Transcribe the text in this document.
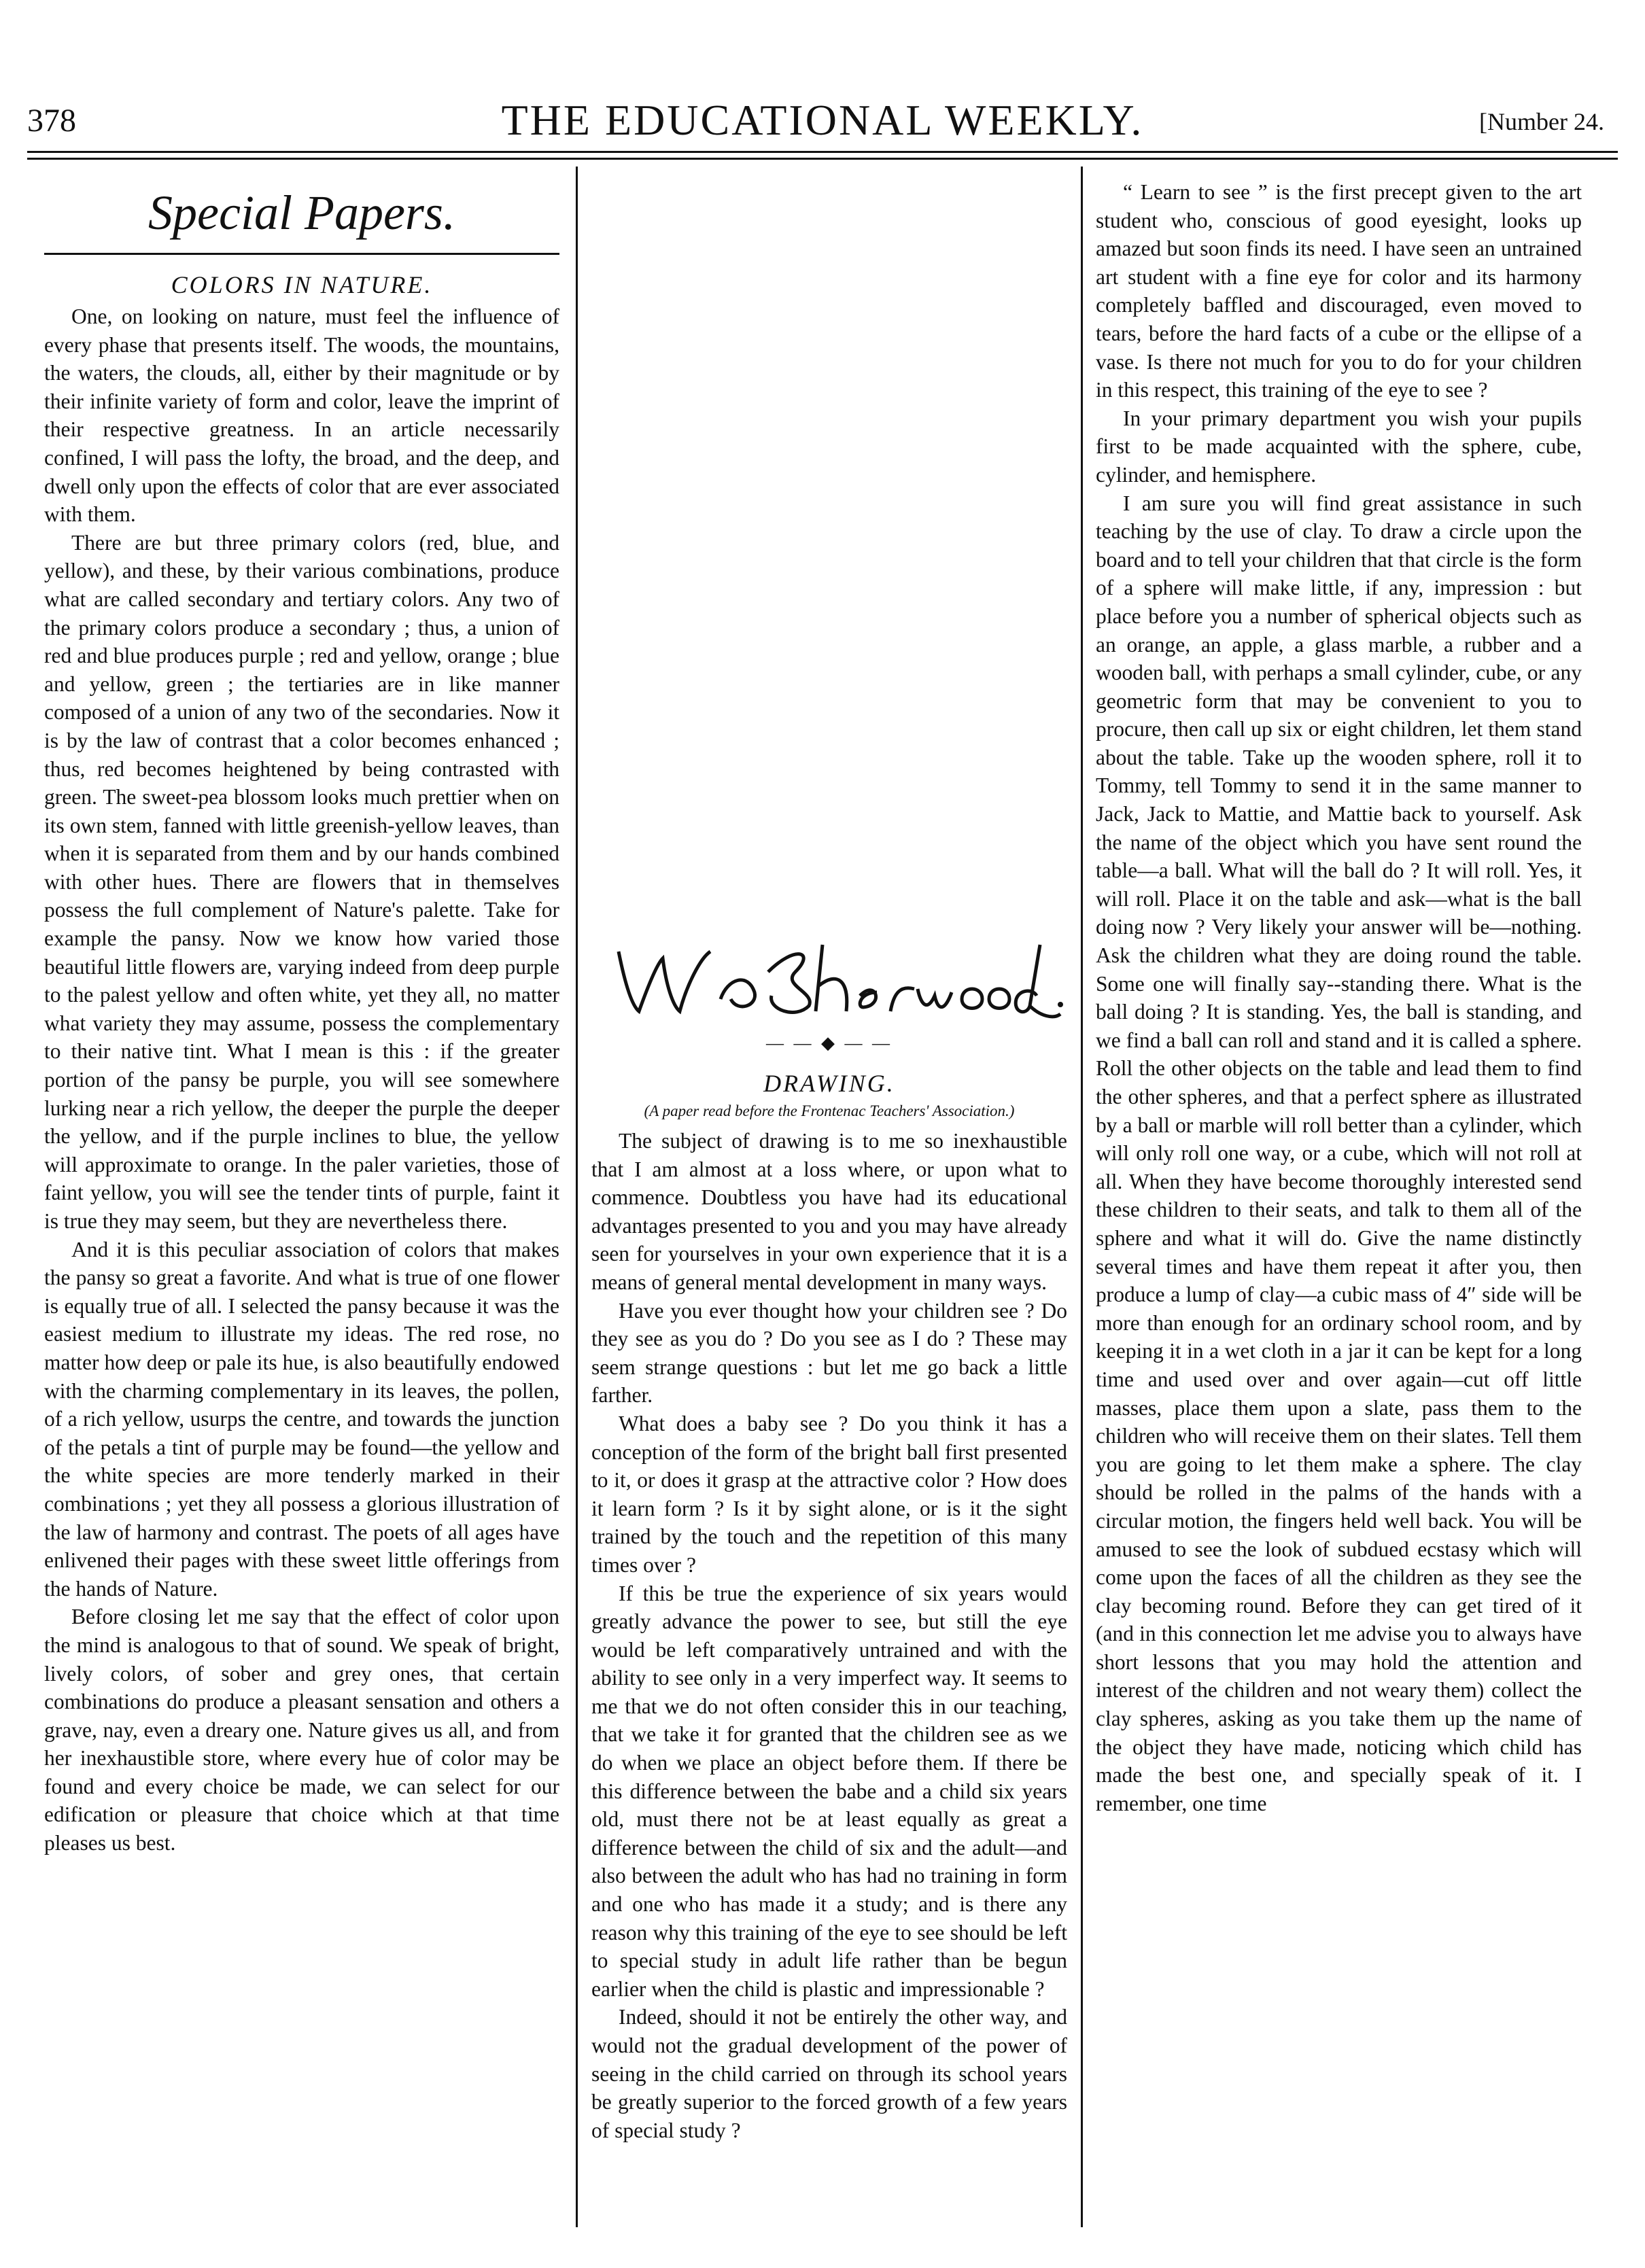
378	THE EDUCATIONAL WEEKLY.	[Number 24.
Special Papers.
COLORS IN NATURE.

One, on looking on nature, must feel the influence of every phase that presents itself. The woods, the mountains, the waters, the clouds, all, either by their magnitude or by their infinite variety of form and color, leave the imprint of their respective greatness. In an article necessarily confined, I will pass the lofty, the broad, and the deep, and dwell only upon the effects of color that are ever associated with them.

There are but three primary colors (red, blue, and yellow), and these, by their various combinations, produce what are called secondary and tertiary colors. Any two of the primary colors produce a secondary ; thus, a union of red and blue produces purple ; red and yellow, orange ; blue and yellow, green ; the tertiaries are in like manner composed of a union of any two of the secondaries. Now it is by the law of contrast that a color becomes enhanced ; thus, red becomes heightened by being contrasted with green. The sweet-pea blossom looks much prettier when on its own stem, fanned with little greenish-yellow leaves, than when it is separated from them and by our hands combined with other hues. There are flowers that in themselves possess the full complement of Nature's palette. Take for example the pansy. Now we know how varied those beautiful little flowers are, varying indeed from deep purple to the palest yellow and often white, yet they all, no matter what variety they may assume, possess the complementary to their native tint. What I mean is this : if the greater portion of the pansy be purple, you will see somewhere lurking near a rich yellow, the deeper the purple the deeper the yellow, and if the purple inclines to blue, the yellow will approximate to orange. In the paler varieties, those of faint yellow, you will see the tender tints of purple, faint it is true they may seem, but they are nevertheless there.

And it is this peculiar association of colors that makes the pansy so great a favorite. And what is true of one flower is equally true of all. I selected the pansy because it was the easiest medium to illustrate my ideas. The red rose, no matter how deep or pale its hue, is also beautifully endowed with the charming complementary in its leaves, the pollen, of a rich yellow, usurps the centre, and towards the junction of the petals a tint of purple may be found—the yellow and the white species are more tenderly marked in their combinations ; yet they all possess a glorious illustration of the law of harmony and contrast. The poets of all ages have enlivened their pages with these sweet little offerings from the hands of Nature.

Before closing let me say that the effect of color upon the mind is analogous to that of sound. We speak of bright, lively colors, of sober and grey ones, that certain combinations do produce a pleasant sensation and others a grave, nay, even a dreary one. Nature gives us all, and from her inexhaustible store, where every hue of color may be found and every choice be made, we can select for our edification or pleasure that choice which at that time pleases us best.

— — ◆ — —
DRAWING.
(A paper read before the Frontenac Teachers' Association.)

The subject of drawing is to me so inexhaustible that I am almost at a loss where, or upon what to commence. Doubtless you have had its educational advantages presented to you and you may have already seen for yourselves in your own experience that it is a means of general mental development in many ways.

Have you ever thought how your children see ? Do they see as you do ? Do you see as I do ? These may seem strange questions : but let me go back a little farther.

What does a baby see ? Do you think it has a conception of the form of the bright ball first presented to it, or does it grasp at the attractive color ? How does it learn form ? Is it by sight alone, or is it the sight trained by the touch and the repetition of this many times over ?

If this be true the experience of six years would greatly advance the power to see, but still the eye would be left comparatively untrained and with the ability to see only in a very imperfect way. It seems to me that we do not often consider this in our teaching, that we take it for granted that the children see as we do when we place an object before them. If there be this difference between the babe and a child six years old, must there not be at least equally as great a difference between the child of six and the adult—and also between the adult who has had no training in form and one who has made it a study; and is there any reason why this training of the eye to see should be left to special study in adult life rather than be begun earlier when the child is plastic and impressionable ?

Indeed, should it not be entirely the other way, and would not the gradual development of the power of seeing in the child carried on through its school years be greatly superior to the forced growth of a few years of special study ?

“ Learn to see ” is the first precept given to the art student who, conscious of good eyesight, looks up amazed but soon finds its need. I have seen an untrained art student with a fine eye for color and its harmony completely baffled and discouraged, even moved to tears, before the hard facts of a cube or the ellipse of a vase. Is there not much for you to do for your children in this respect, this training of the eye to see ?

In your primary department you wish your pupils first to be made acquainted with the sphere, cube, cylinder, and hemisphere.

I am sure you will find great assistance in such teaching by the use of clay. To draw a circle upon the board and to tell your children that that circle is the form of a sphere will make little, if any, impression : but place before you a number of spherical objects such as an orange, an apple, a glass marble, a rubber and a wooden ball, with perhaps a small cylinder, cube, or any geometric form that may be convenient to you to procure, then call up six or eight children, let them stand about the table. Take up the wooden sphere, roll it to Tommy, tell Tommy to send it in the same manner to Jack, Jack to Mattie, and Mattie back to yourself. Ask the name of the object which you have sent round the table—a ball. What will the ball do ? It will roll. Yes, it will roll. Place it on the table and ask—what is the ball doing now ? Very likely your answer will be—nothing. Ask the children what they are doing round the table. Some one will finally say--standing there. What is the ball doing ? It is standing. Yes, the ball is standing, and we find a ball can roll and stand and it is called a sphere. Roll the other objects on the table and lead them to find the other spheres, and that a perfect sphere as illustrated by a ball or marble will roll better than a cylinder, which will only roll one way, or a cube, which will not roll at all. When they have become thoroughly interested send these children to their seats, and talk to them all of the sphere and what it will do. Give the name distinctly several times and have them repeat it after you, then produce a lump of clay—a cubic mass of 4″ side will be more than enough for an ordinary school room, and by keeping it in a wet cloth in a jar it can be kept for a long time and used over and over again—cut off little masses, place them upon a slate, pass them to the children who will receive them on their slates. Tell them you are going to let them make a sphere. The clay should be rolled in the palms of the hands with a circular motion, the fingers held well back. You will be amused to see the look of subdued ecstasy which will come upon the faces of all the children as they see the clay becoming round. Before they can get tired of it (and in this connection let me advise you to always have short lessons that you may hold the attention and interest of the children and not weary them) collect the clay spheres, asking as you take them up the name of the object they have made, noticing which child has made the best one, and specially speak of it. I remember, one time
